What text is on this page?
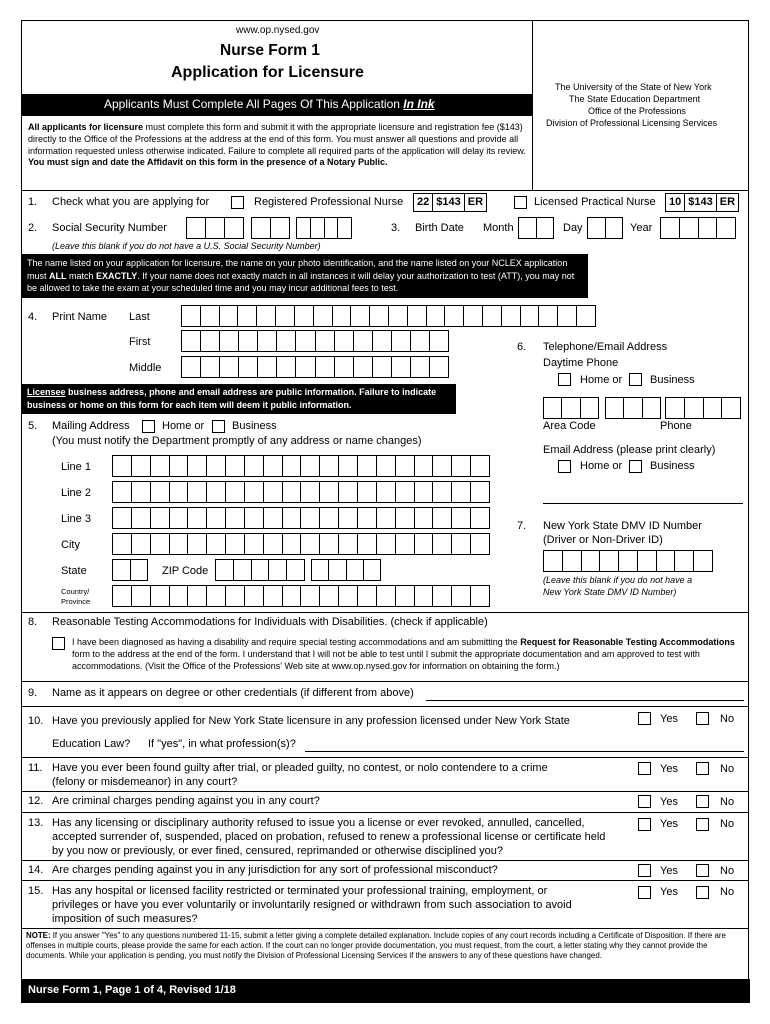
www.op.nysed.gov
Nurse Form 1
Application for Licensure
Applicants Must Complete All Pages Of This Application In Ink
All applicants for licensure must complete this form and submit it with the appropriate licensure and registration fee ($143) directly to the Office of the Professions at the address at the end of this form. You must answer all questions and provide all information requested unless otherwise indicated. Failure to complete all required parts of the application will delay its review. You must sign and date the Affidavit on this form in the presence of a Notary Public.
The University of the State of New York
The State Education Department
Office of the Professions
Division of Professional Licensing Services
1. Check what you are applying for	Registered Professional Nurse 22 $143 ER	Licensed Practical Nurse 10 $143 ER
2. Social Security Number	3. Birth Date Month	Day	Year
(Leave this blank if you do not have a U.S. Social Security Number)
The name listed on your application for licensure, the name on your photo identification, and the name listed on your NCLEX application must ALL match EXACTLY. If your name does not exactly match in all instances it will delay your authorization to test (ATT), you may not be allowed to take the exam at your scheduled time and you may incur additional fees to test.
4. Print Name Last
First
Middle
Licensee business address, phone and email address are public information. Failure to indicate business or home on this form for each item will deem it public information.
5. Mailing Address	Home or	Business
(You must notify the Department promptly of any address or name changes)
Line 1
Line 2
Line 3
City
State	ZIP Code
Country/
Province
6. Telephone/Email Address
Daytime Phone
Home or	Business
Area Code	Phone
Email Address (please print clearly)
Home or	Business
7. New York State DMV ID Number
(Driver or Non-Driver ID)
(Leave this blank if you do not have a
New York State DMV ID Number)
8. Reasonable Testing Accommodations for Individuals with Disabilities. (check if applicable)
I have been diagnosed as having a disability and require special testing accommodations and am submitting the Request for Reasonable Testing Accommodations form to the address at the end of the form. I understand that I will not be able to test until I submit the appropriate documentation and am approved to test with accommodations. (Visit the Office of the Professions' Web site at www.op.nysed.gov for information on obtaining the form.)
9. Name as it appears on degree or other credentials (if different from above)
10. Have you previously applied for New York State licensure in any profession licensed under New York State
Education Law? If "yes", in what profession(s)?
Yes	No
11. Have you ever been found guilty after trial, or pleaded guilty, no contest, or nolo contendere to a crime
(felony or misdemeanor) in any court?
Yes	No
12. Are criminal charges pending against you in any court?	Yes	No
13. Has any licensing or disciplinary authority refused to issue you a license or ever revoked, annulled, cancelled,
accepted surrender of, suspended, placed on probation, refused to renew a professional license or certificate held
by you now or previously, or ever fined, censured, reprimanded or otherwise disciplined you?
Yes	No
14. Are charges pending against you in any jurisdiction for any sort of professional misconduct?	Yes	No
15. Has any hospital or licensed facility restricted or terminated your professional training, employment, or
privileges or have you ever voluntarily or involuntarily resigned or withdrawn from such association to avoid
imposition of such measures?
Yes	No
NOTE: If you answer "Yes" to any questions numbered 11-15, submit a letter giving a complete detailed explanation. Include copies of any court records including a Certificate of Disposition. If there are offenses in multiple courts, please provide the same for each action. If the court can no longer provide documentation, you must request, from the court, a letter stating why they cannot provide the documents. While your application is pending, you must notify the Division of Professional Licensing Services if the answers to any of these questions have changed.
Nurse Form 1, Page 1 of 4, Revised 1/18
